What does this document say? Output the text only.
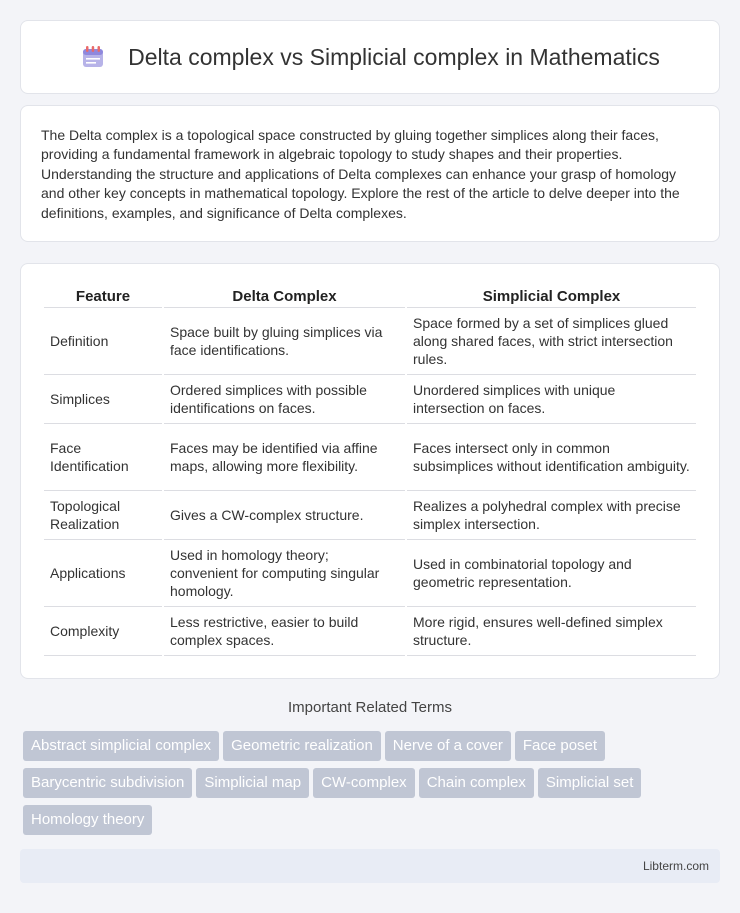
Delta complex vs Simplicial complex in Mathematics

The Delta complex is a topological space constructed by gluing together simplices along their faces, providing a fundamental framework in algebraic topology to study shapes and their properties. Understanding the structure and applications of Delta complexes can enhance your grasp of homology and other key concepts in mathematical topology. Explore the rest of the article to delve deeper into the definitions, examples, and significance of Delta complexes.

Feature	Delta Complex	Simplicial Complex
Definition	Space built by gluing simplices via face identifications.	Space formed by a set of simplices glued along shared faces, with strict intersection rules.
Simplices	Ordered simplices with possible identifications on faces.	Unordered simplices with unique intersection on faces.
Face Identification	Faces may be identified via affine maps, allowing more flexibility.	Faces intersect only in common subsimplices without identification ambiguity.
Topological Realization	Gives a CW-complex structure.	Realizes a polyhedral complex with precise simplex intersection.
Applications	Used in homology theory; convenient for computing singular homology.	Used in combinatorial topology and geometric representation.
Complexity	Less restrictive, easier to build complex spaces.	More rigid, ensures well-defined simplex structure.
Important Related Terms
Abstract simplicial complex	Geometric realization	Nerve of a cover	Face poset
Barycentric subdivision	Simplicial map	CW-complex	Chain complex	Simplicial set
Homology theory
Libterm.com
